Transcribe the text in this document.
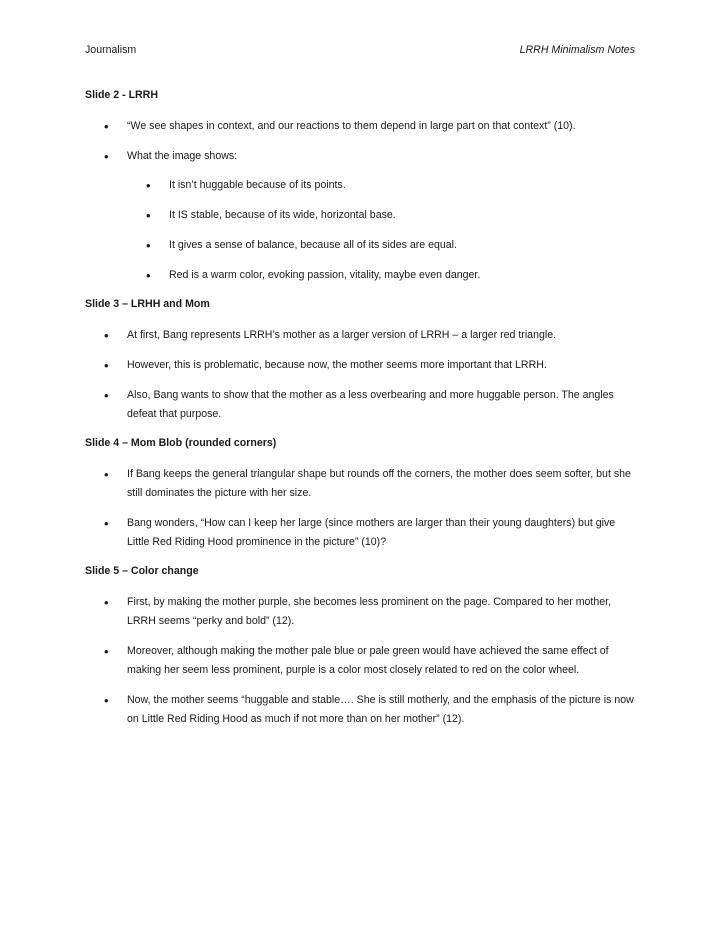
Journalism	LRRH Minimalism Notes

Slide 2 - LRRH

• “We see shapes in context, and our reactions to them depend in large part on that context” (10).
• What the image shows:
• It isn’t huggable because of its points.
• It IS stable, because of its wide, horizontal base.
• It gives a sense of balance, because all of its sides are equal.
• Red is a warm color, evoking passion, vitality, maybe even danger.

Slide 3 – LRHH and Mom

• At first, Bang represents LRRH’s mother as a larger version of LRRH – a larger red triangle.
• However, this is problematic, because now, the mother seems more important that LRRH.
• Also, Bang wants to show that the mother as a less overbearing and more huggable person. The angles defeat that purpose.

Slide 4 – Mom Blob (rounded corners)

• If Bang keeps the general triangular shape but rounds off the corners, the mother does seem softer, but she still dominates the picture with her size.
• Bang wonders, “How can I keep her large (since mothers are larger than their young daughters) but give Little Red Riding Hood prominence in the picture” (10)?

Slide 5 – Color change

• First, by making the mother purple, she becomes less prominent on the page. Compared to her mother, LRRH seems “perky and bold” (12).
• Moreover, although making the mother pale blue or pale green would have achieved the same effect of making her seem less prominent, purple is a color most closely related to red on the color wheel.
• Now, the mother seems “huggable and stable…. She is still motherly, and the emphasis of the picture is now on Little Red Riding Hood as much if not more than on her mother” (12).
